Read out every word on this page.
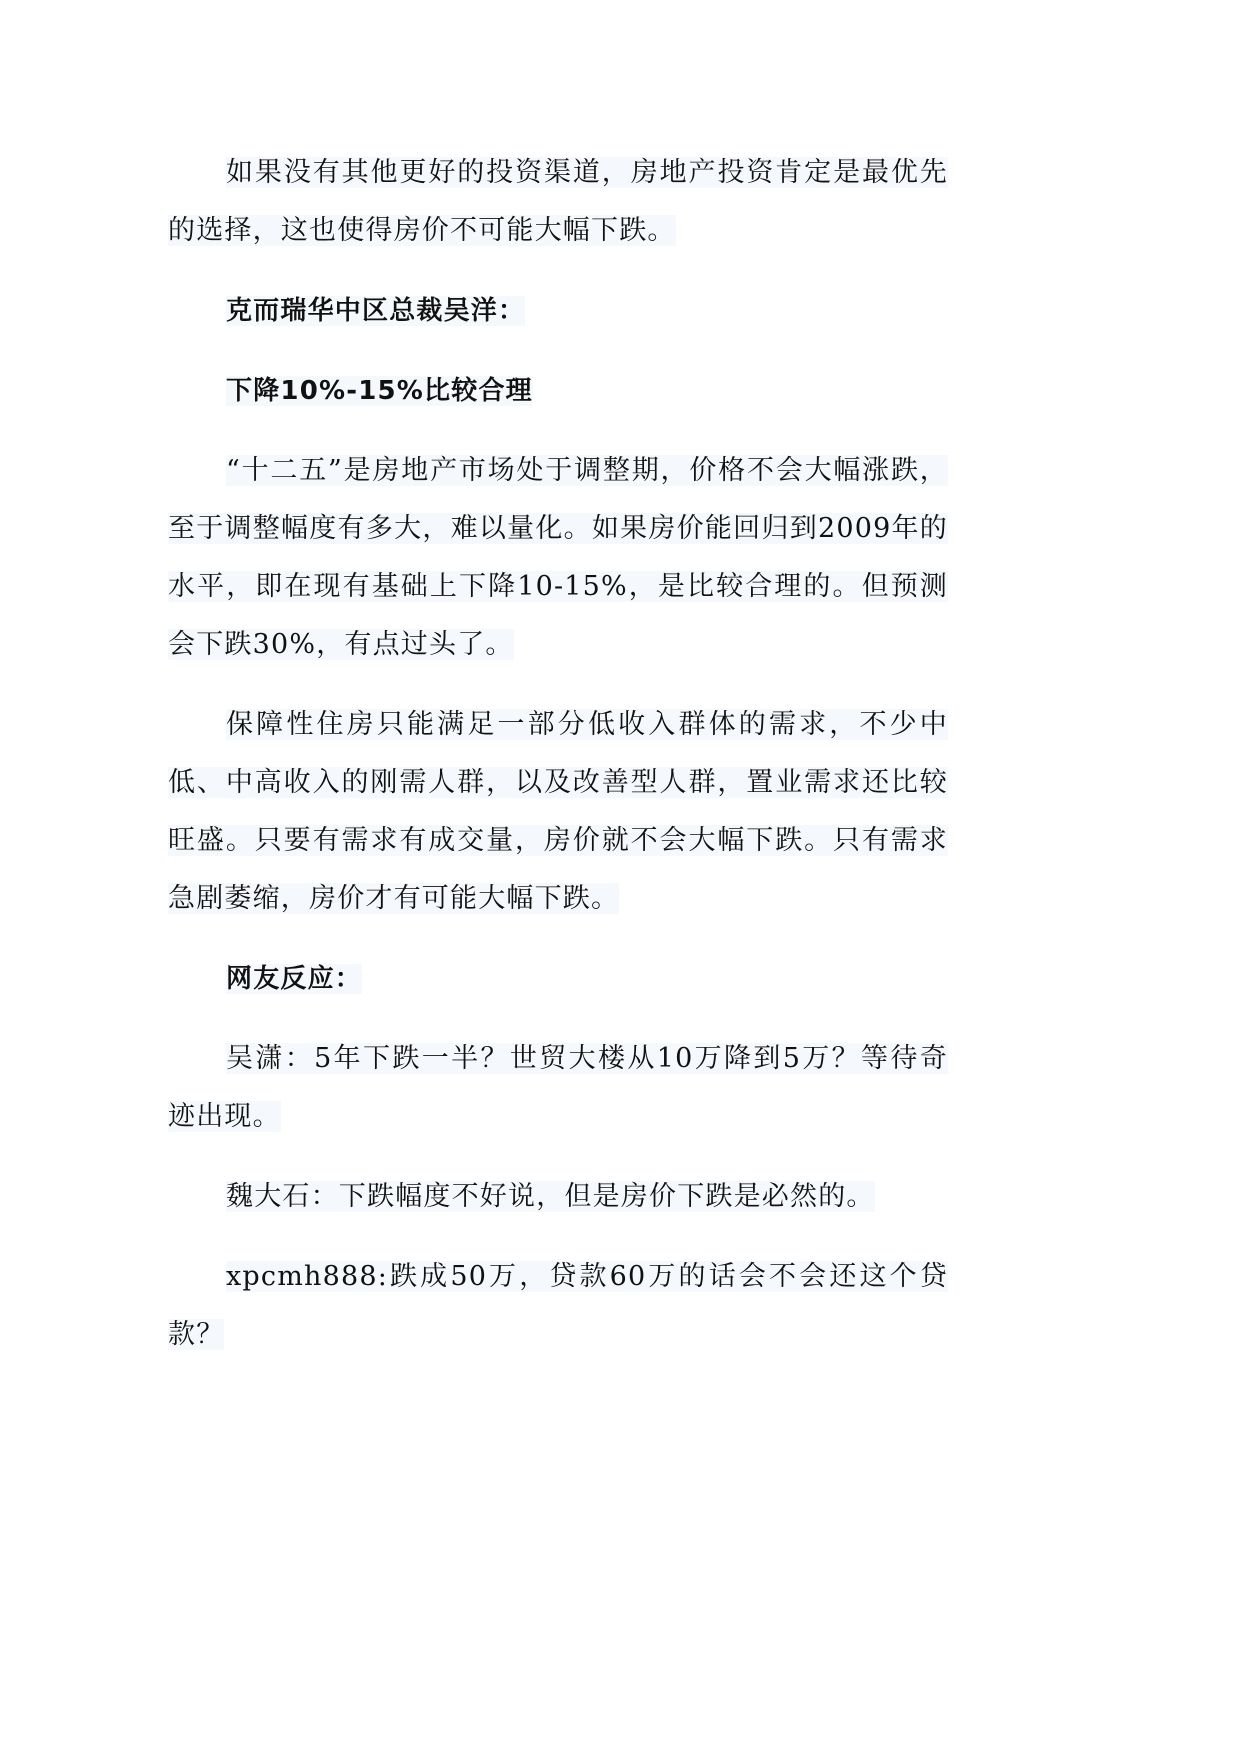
如果没有其他更好的投资渠道，房地产投资肯定是最优先的选择，这也使得房价不可能大幅下跌。

克而瑞华中区总裁吴洋：

下降10%-15%比较合理

“十二五”是房地产市场处于调整期，价格不会大幅涨跌，至于调整幅度有多大，难以量化。如果房价能回归到2009年的水平，即在现有基础上下降10-15%，是比较合理的。但预测会下跌30%，有点过头了。

保障性住房只能满足一部分低收入群体的需求，不少中低、中高收入的刚需人群，以及改善型人群，置业需求还比较旺盛。只要有需求有成交量，房价就不会大幅下跌。只有需求急剧萎缩，房价才有可能大幅下跌。

网友反应：

吴潇：5年下跌一半？世贸大楼从10万降到5万？等待奇迹出现。

魏大石：下跌幅度不好说，但是房价下跌是必然的。

xpcmh888:跌成50万，贷款60万的话会不会还这个贷款？
